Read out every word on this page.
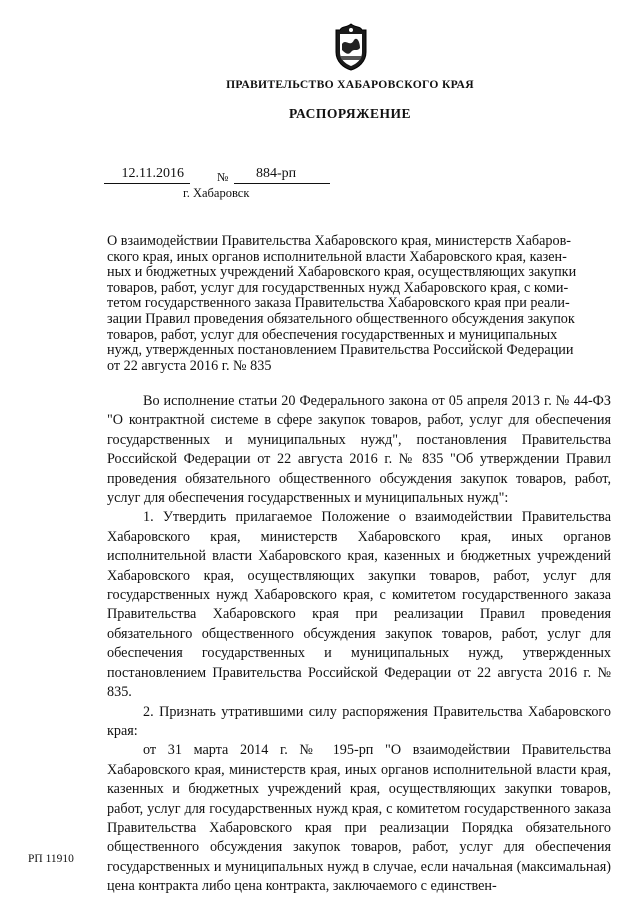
ПРАВИТЕЛЬСТВО ХАБАРОВСКОГО КРАЯ
РАСПОРЯЖЕНИЕ
12.11.2016	№	884-рп
г. Хабаровск
О взаимодействии Правительства Хабаровского края, министерств Хабаров-
ского края, иных органов исполнительной власти Хабаровского края, казен-
ных и бюджетных учреждений Хабаровского края, осуществляющих закупки
товаров, работ, услуг для государственных нужд Хабаровского края, с коми-
тетом государственного заказа Правительства Хабаровского края при реали-
зации Правил проведения обязательного общественного обсуждения закупок
товаров, работ, услуг для обеспечения государственных и муниципальных
нужд, утвержденных постановлением Правительства Российской Федерации
от 22 августа 2016 г. № 835

Во исполнение статьи 20 Федерального закона от 05 апреля 2013 г. № 44-ФЗ "О контрактной системе в сфере закупок товаров, работ, услуг для обеспечения государственных и муниципальных нужд", постановления Правительства Российской Федерации от 22 августа 2016 г. № 835 "Об утверждении Правил проведения обязательного общественного обсуждения закупок товаров, работ, услуг для обеспечения государственных и муниципальных нужд":

1. Утвердить прилагаемое Положение о взаимодействии Правительства Хабаровского края, министерств Хабаровского края, иных органов исполнительной власти Хабаровского края, казенных и бюджетных учреждений Хабаровского края, осуществляющих закупки товаров, работ, услуг для государственных нужд Хабаровского края, с комитетом государственного заказа Правительства Хабаровского края при реализации Правил проведения обязательного общественного обсуждения закупок товаров, работ, услуг для обеспечения государственных и муниципальных нужд, утвержденных постановлением Правительства Российской Федерации от 22 августа 2016 г. № 835.

2. Признать утратившими силу распоряжения Правительства Хабаровского края:

от 31 марта 2014 г. № 195-рп "О взаимодействии Правительства Хабаровского края, министерств края, иных органов исполнительной власти края, казенных и бюджетных учреждений края, осуществляющих закупки товаров, работ, услуг для государственных нужд края, с комитетом государственного заказа Правительства Хабаровского края при реализации Порядка обязательного общественного обсуждения закупок товаров, работ, услуг для обеспечения государственных и муниципальных нужд в случае, если начальная (максимальная) цена контракта либо цена контракта, заключаемого с единствен-

РП 11910
